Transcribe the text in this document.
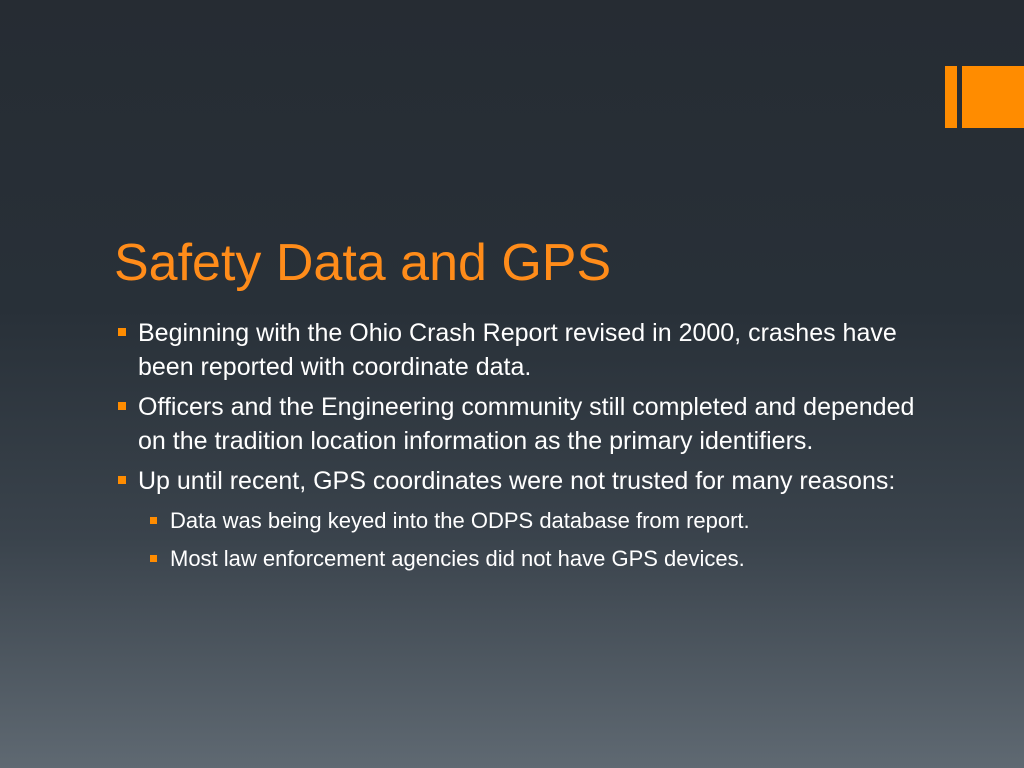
Safety Data and GPS
Beginning with the Ohio Crash Report revised in 2000, crashes have been reported with coordinate data.
Officers and the Engineering community still completed and depended on the tradition location information as the primary identifiers.
Up until recent, GPS coordinates were not trusted for many reasons:
Data was being keyed into the ODPS database from report.
Most law enforcement agencies did not have GPS devices.
